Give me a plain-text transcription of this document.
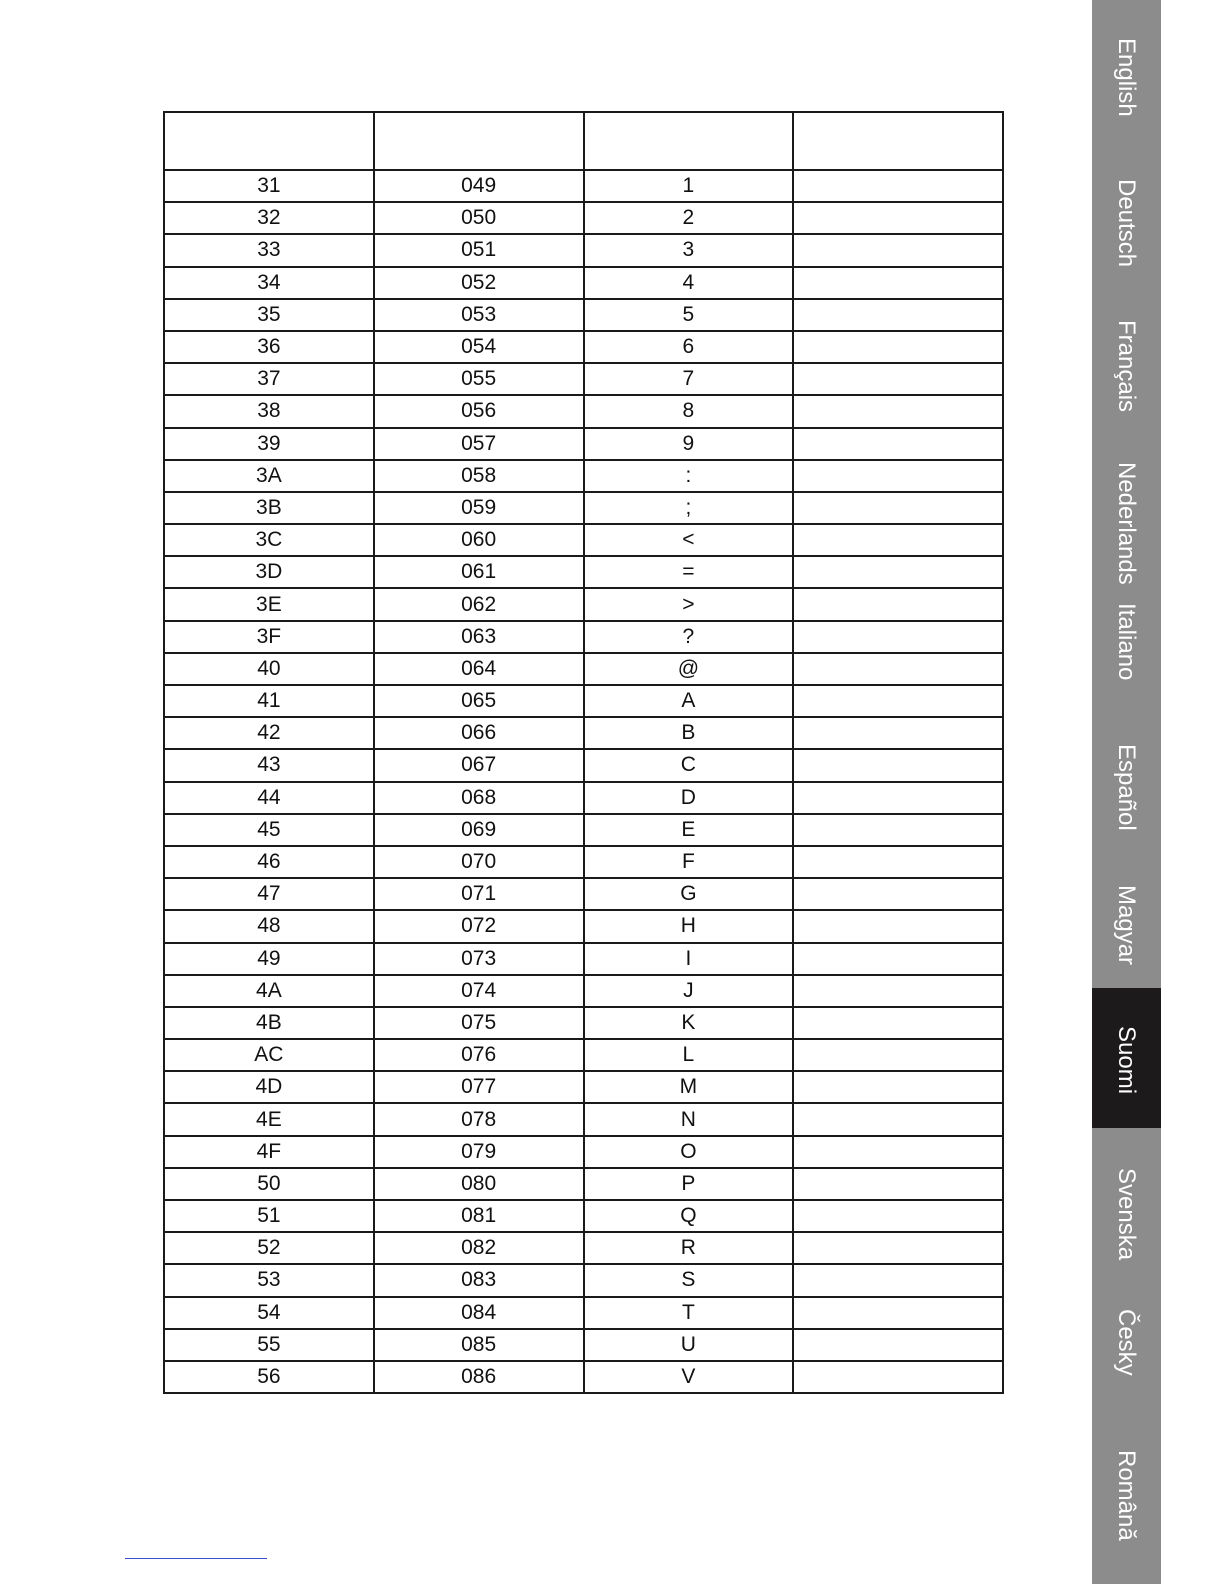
31	049	1	
32	050	2	
33	051	3	
34	052	4	
35	053	5	
36	054	6	
37	055	7	
38	056	8	
39	057	9	
3A	058	:	
3B	059	;	
3C	060	<	
3D	061	=	
3E	062	>	
3F	063	?	
40	064	@	
41	065	A	
42	066	B	
43	067	C	
44	068	D	
45	069	E	
46	070	F	
47	071	G	
48	072	H	
49	073	I	
4A	074	J	
4B	075	K	
AC	076	L	
4D	077	M	
4E	078	N	
4F	079	O	
50	080	P	
51	081	Q	
52	082	R	
53	083	S	
54	084	T	
55	085	U	
56	086	V	
English
Deutsch
Français
Nederlands
Italiano
Español
Magyar
Suomi
Svenska
Česky
Română
